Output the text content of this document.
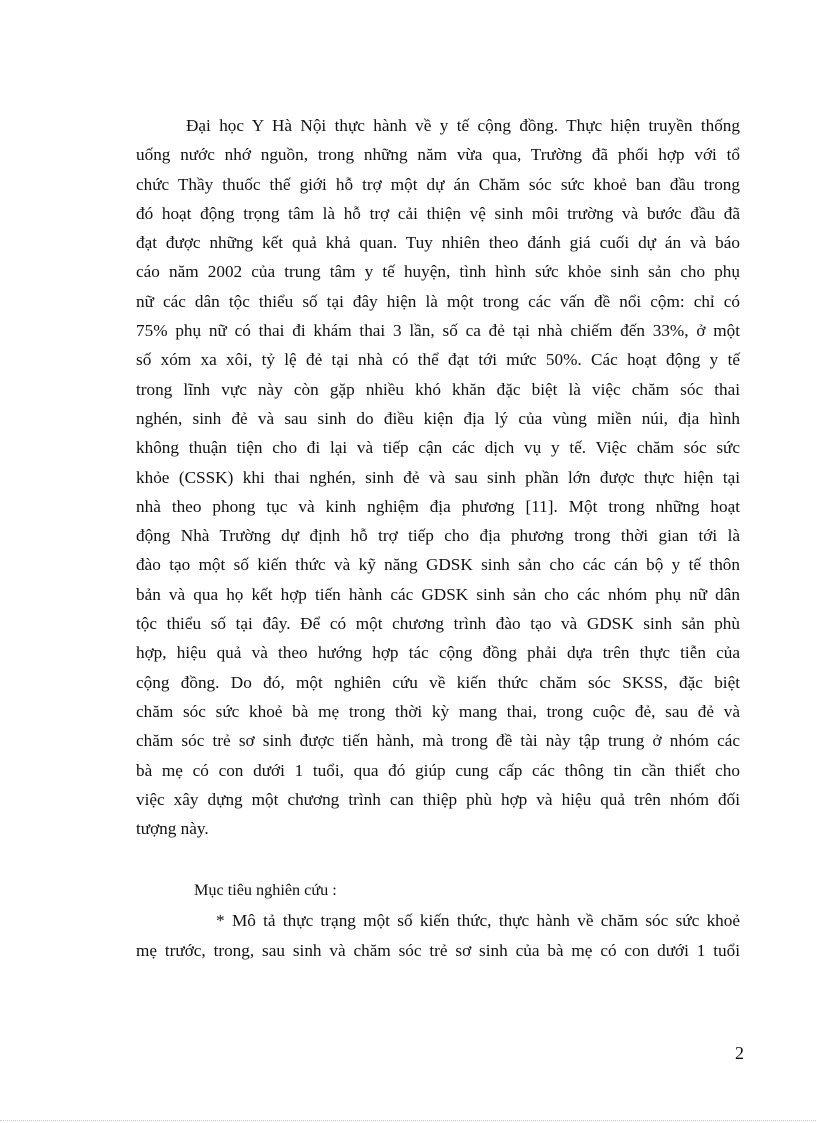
Đại học Y Hà Nội thực hành về y tế cộng đồng. Thực hiện truyền thống
uống nước nhớ nguồn, trong những năm vừa qua, Trường đã phối hợp với tổ
chức Thầy thuốc thế giới hỗ trợ một dự án Chăm sóc sức khoẻ ban đầu trong
đó hoạt động trọng tâm là hỗ trợ cải thiện vệ sinh môi trường và bước đầu đã
đạt được những kết quả khả quan. Tuy nhiên theo đánh giá cuối dự án và báo
cáo năm 2002 của trung tâm y tế huyện, tình hình sức khỏe sinh sản cho phụ
nữ các dân tộc thiểu số tại đây hiện là một trong các vấn đề nổi cộm: chỉ có
75% phụ nữ có thai đi khám thai 3 lần, số ca đẻ tại nhà chiếm đến 33%, ở một
số xóm xa xôi, tỷ lệ đẻ tại nhà có thể đạt tới mức 50%. Các hoạt động y tế
trong lĩnh vực này còn gặp nhiều khó khăn đặc biệt là việc chăm sóc thai
nghén, sinh đẻ và sau sinh do điều kiện địa lý của vùng miền núi, địa hình
không thuận tiện cho đi lại và tiếp cận các dịch vụ y tế. Việc chăm sóc sức
khỏe (CSSK) khi thai nghén, sinh đẻ và sau sinh phần lớn được thực hiện tại
nhà theo phong tục và kinh nghiệm địa phương [11]. Một trong những hoạt
động Nhà Trường dự định hỗ trợ tiếp cho địa phương trong thời gian tới là
đào tạo một số kiến thức và kỹ năng GDSK sinh sản cho các cán bộ y tế thôn
bản và qua họ kết hợp tiến hành các GDSK sinh sản cho các nhóm phụ nữ dân
tộc thiểu số tại đây. Để có một chương trình đào tạo và GDSK sinh sản phù
hợp, hiệu quả và theo hướng hợp tác cộng đồng phải dựa trên thực tiễn của
cộng đồng. Do đó, một nghiên cứu về kiến thức chăm sóc SKSS, đặc biệt
chăm sóc sức khoẻ bà mẹ trong thời kỳ mang thai, trong cuộc đẻ, sau đẻ và
chăm sóc trẻ sơ sinh được tiến hành, mà trong đề tài này tập trung ở nhóm các
bà mẹ có con dưới 1 tuổi, qua đó giúp cung cấp các thông tin cần thiết cho
việc xây dựng một chương trình can thiệp phù hợp và hiệu quả trên nhóm đối
tượng này.
Mục tiêu nghiên cứu :
* Mô tả thực trạng một số kiến thức, thực hành về chăm sóc sức khoẻ
mẹ trước, trong, sau sinh và chăm sóc trẻ sơ sinh của bà mẹ có con dưới 1 tuổi
2
